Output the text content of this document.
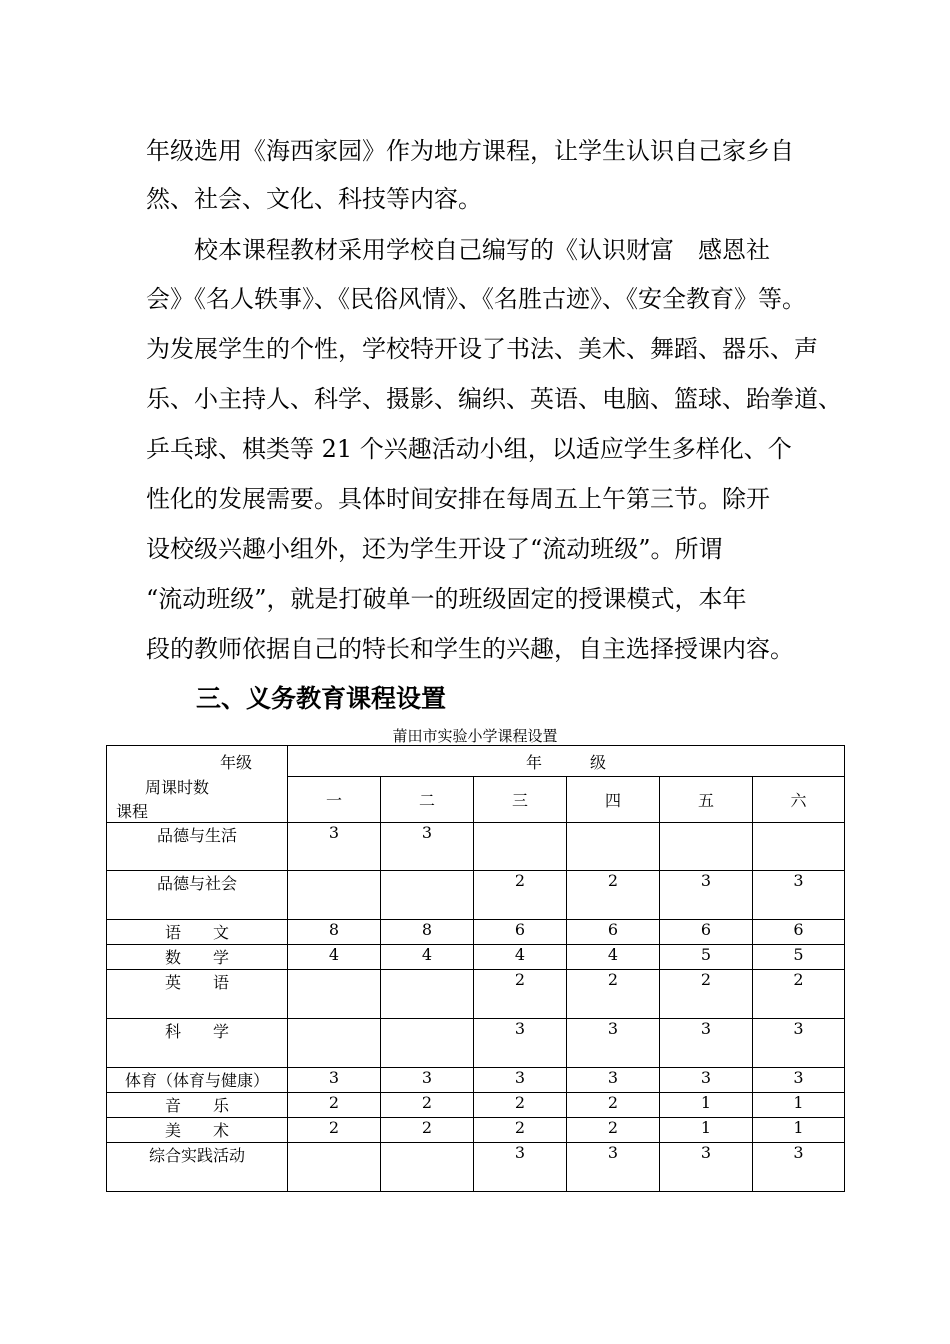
年级选用《海西家园》作为地方课程，让学生认识自己家乡自
然、社会、文化、科技等内容。
校本课程教材采用学校自己编写的《认识财富　感恩社
会》《名人轶事》、《民俗风情》、《名胜古迹》、《安全教育》等。
为发展学生的个性，学校特开设了书法、美术、舞蹈、器乐、声
乐、小主持人、科学、摄影、编织、英语、电脑、篮球、跆拳道、
乒乓球、棋类等 21 个兴趣活动小组，以适应学生多样化、个
性化的发展需要。具体时间安排在每周五上午第三节。除开
设校级兴趣小组外，还为学生开设了“流动班级”。所谓
“流动班级”，就是打破单一的班级固定的授课模式，本年
段的教师依据自己的特长和学生的兴趣，自主选择授课内容。
三、义务教育课程设置
莆田市实验小学课程设置
年级
周课时数
课程	年　　　级					
	一	二	三	四	五	六
品德与生活	3	3				
品德与社会			2	2	3	3
语　　文	8	8	6	6	6	6
数　　学	4	4	4	4	5	5
英　　语			2	2	2	2
科　　学			3	3	3	3
体育（体育与健康）	3	3	3	3	3	3
音　　乐	2	2	2	2	1	1
美　　术	2	2	2	2	1	1
综合实践活动			3	3	3	3
